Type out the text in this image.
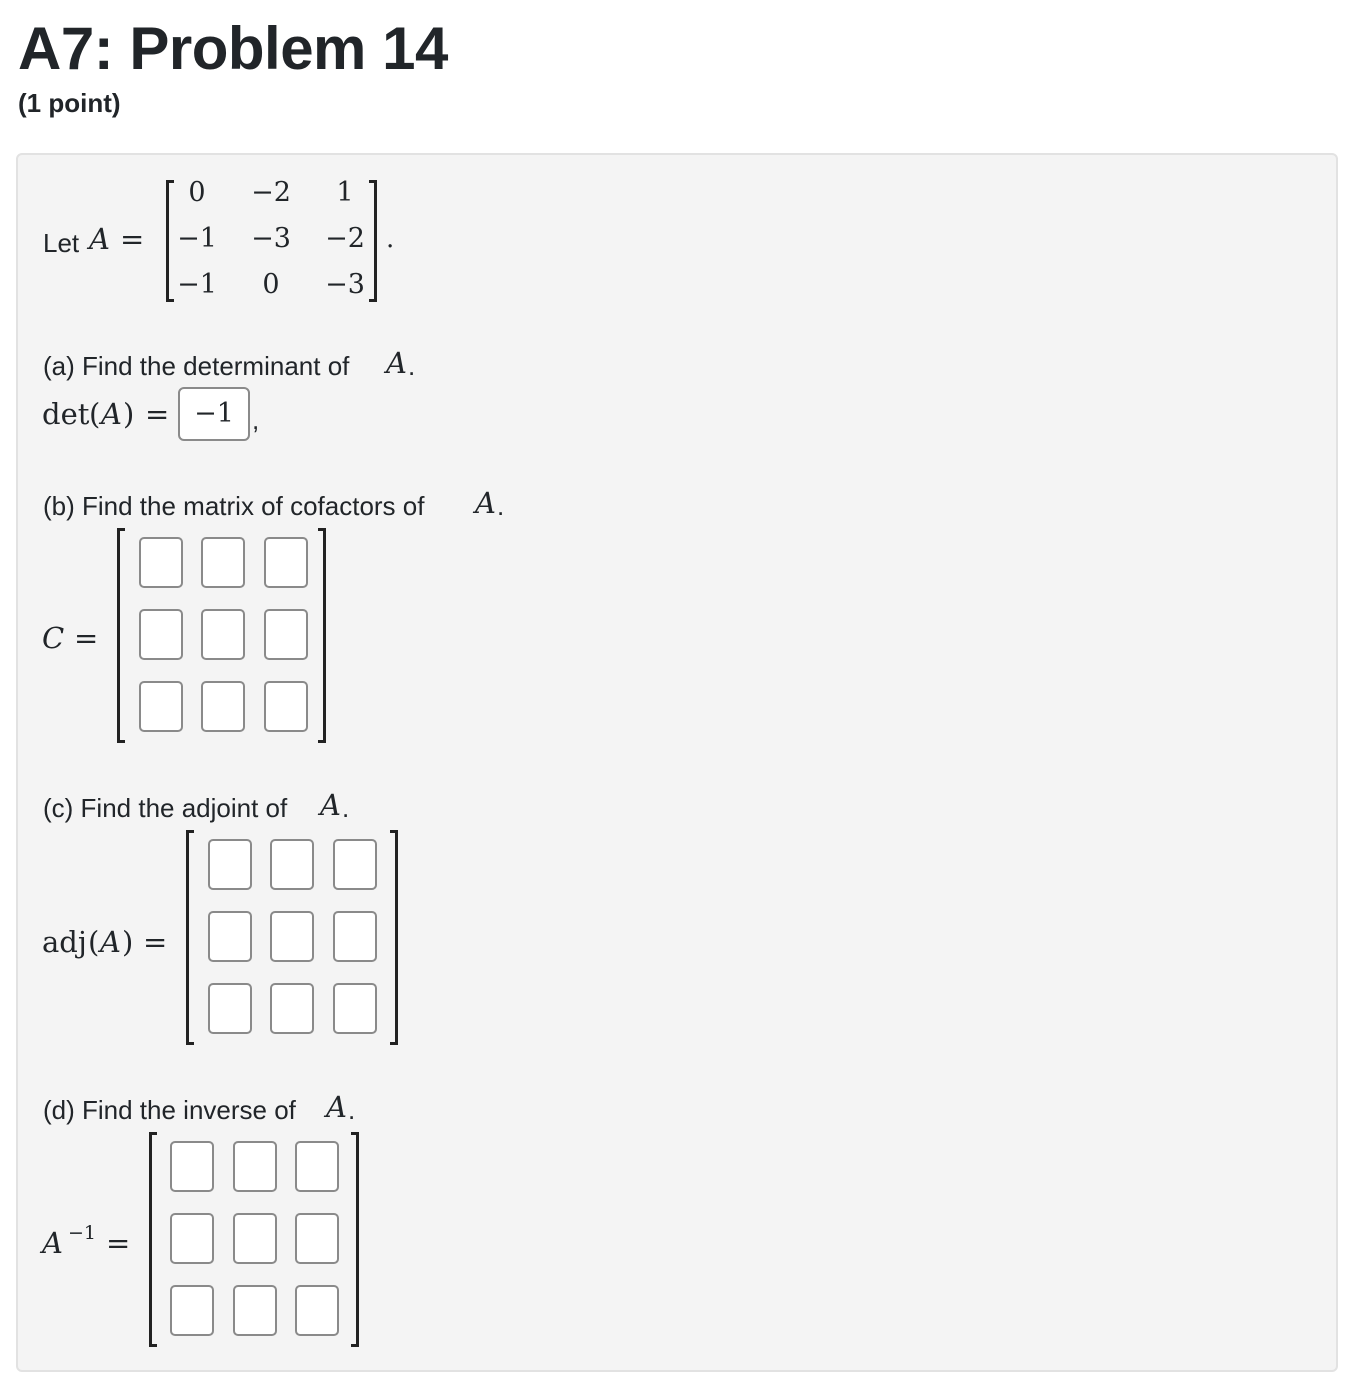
A7: Problem 14
(1 point)
Let A =
0	−2	1
−1	−3	−2
−1	0	−3
.
(a) Find the determinant of A .
det ( A ) = −1 ,
(b) Find the matrix of cofactors of A .
C =
(c) Find the adjoint of A .
adj ( A ) =
(d) Find the inverse of A .
A −1 =
